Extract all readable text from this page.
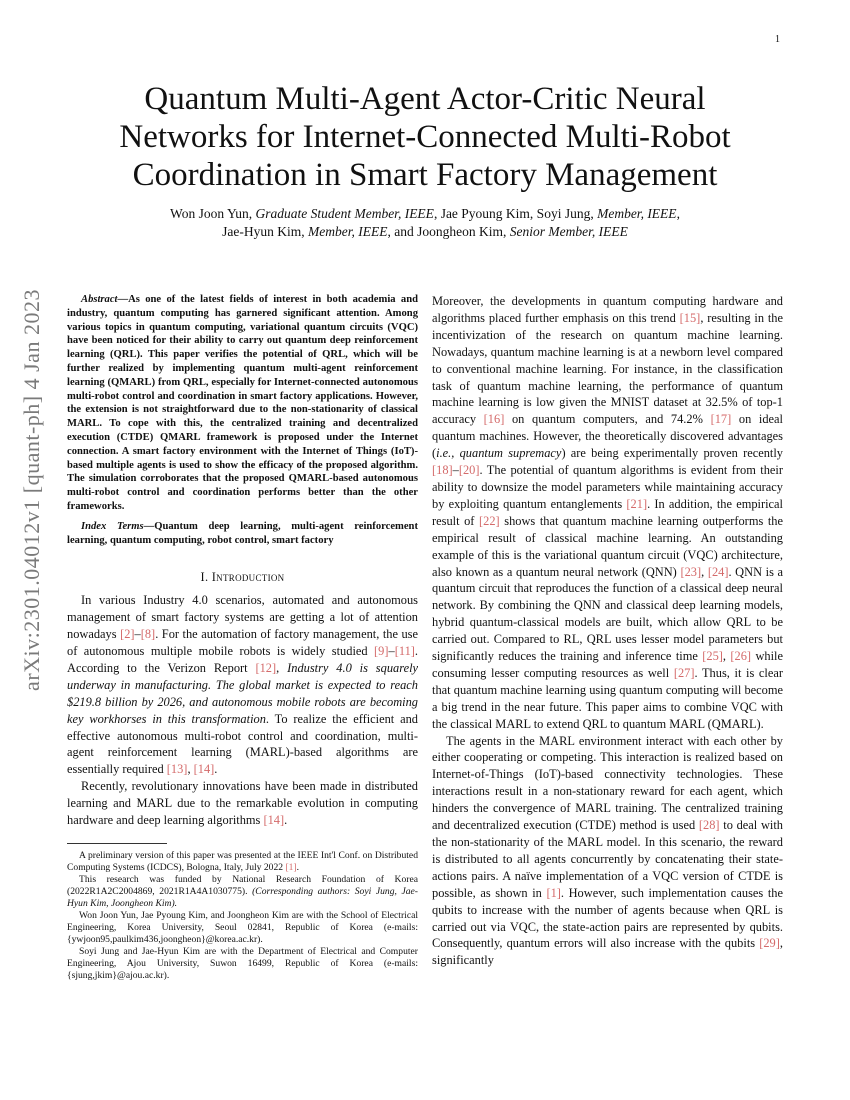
1
arXiv:2301.04012v1 [quant-ph] 4 Jan 2023
Quantum Multi-Agent Actor-Critic Neural
Networks for Internet-Connected Multi-Robot
Coordination in Smart Factory Management
Won Joon Yun, Graduate Student Member, IEEE, Jae Pyoung Kim, Soyi Jung, Member, IEEE,
Jae-Hyun Kim, Member, IEEE, and Joongheon Kim, Senior Member, IEEE

Abstract—As one of the latest fields of interest in both academia and industry, quantum computing has garnered significant attention. Among various topics in quantum computing, variational quantum circuits (VQC) have been noticed for their ability to carry out quantum deep reinforcement learning (QRL). This paper verifies the potential of QRL, which will be further realized by implementing quantum multi-agent reinforcement learning (QMARL) from QRL, especially for Internet-connected autonomous multi-robot control and coordination in smart factory applications. However, the extension is not straightforward due to the non-stationarity of classical MARL. To cope with this, the centralized training and decentralized execution (CTDE) QMARL framework is proposed under the Internet connection. A smart factory environment with the Internet of Things (IoT)-based multiple agents is used to show the efficacy of the proposed algorithm. The simulation corroborates that the proposed QMARL-based autonomous multi-robot control and coordination performs better than the other frameworks.

Index Terms—Quantum deep learning, multi-agent reinforcement learning, quantum computing, robot control, smart factory

I. Introduction

In various Industry 4.0 scenarios, automated and autonomous management of smart factory systems are getting a lot of attention nowadays [2]–[8]. For the automation of factory management, the use of autonomous multiple mobile robots is widely studied [9]–[11]. According to the Verizon Report [12], Industry 4.0 is squarely underway in manufacturing. The global market is expected to reach $219.8 billion by 2026, and autonomous mobile robots are becoming key workhorses in this transformation. To realize the efficient and effective autonomous multi-robot control and coordination, multi-agent reinforcement learning (MARL)-based algorithms are essentially required [13], [14].

Recently, revolutionary innovations have been made in distributed learning and MARL due to the remarkable evolution in computing hardware and deep learning algorithms [14].

A preliminary version of this paper was presented at the IEEE Int'l Conf. on Distributed Computing Systems (ICDCS), Bologna, Italy, July 2022 [1].

This research was funded by National Research Foundation of Korea (2022R1A2C2004869, 2021R1A4A1030775). (Corresponding authors: Soyi Jung, Jae-Hyun Kim, Joongheon Kim).

Won Joon Yun, Jae Pyoung Kim, and Joongheon Kim are with the School of Electrical Engineering, Korea University, Seoul 02841, Republic of Korea (e-mails: {ywjoon95,paulkim436,joongheon}@korea.ac.kr).

Soyi Jung and Jae-Hyun Kim are with the Department of Electrical and Computer Engineering, Ajou University, Suwon 16499, Republic of Korea (e-mails: {sjung,jkim}@ajou.ac.kr).

Moreover, the developments in quantum computing hardware and algorithms placed further emphasis on this trend [15], resulting in the incentivization of the research on quantum machine learning. Nowadays, quantum machine learning is at a newborn level compared to conventional machine learning. For instance, in the classification task of quantum machine learning, the performance of quantum machine learning is low given the MNIST dataset at 32.5% of top-1 accuracy [16] on quantum computers, and 74.2% [17] on ideal quantum machines. However, the theoretically discovered advantages (i.e., quantum supremacy) are being experimentally proven recently [18]–[20]. The potential of quantum algorithms is evident from their ability to downsize the model parameters while maintaining accuracy by exploiting quantum entanglements [21]. In addition, the empirical result of [22] shows that quantum machine learning outperforms the empirical result of classical machine learning. An outstanding example of this is the variational quantum circuit (VQC) architecture, also known as a quantum neural network (QNN) [23], [24]. QNN is a quantum circuit that reproduces the function of a classical deep neural network. By combining the QNN and classical deep learning models, hybrid quantum-classical models are built, which allow QRL to be carried out. Compared to RL, QRL uses lesser model parameters but significantly reduces the training and inference time [25], [26] while consuming lesser computing resources as well [27]. Thus, it is clear that quantum machine learning using quantum computing will become a big trend in the near future. This paper aims to combine VQC with the classical MARL to extend QRL to quantum MARL (QMARL).

The agents in the MARL environment interact with each other by either cooperating or competing. This interaction is realized based on Internet-of-Things (IoT)-based connectivity technologies. These interactions result in a non-stationary reward for each agent, which hinders the convergence of MARL training. The centralized training and decentralized execution (CTDE) method is used [28] to deal with the non-stationarity of the MARL model. In this scenario, the reward is distributed to all agents concurrently by concatenating their state-actions pairs. A naïve implementation of a VQC version of CTDE is possible, as shown in [1]. However, such implementation causes the qubits to increase with the number of agents because when QRL is carried out via VQC, the state-action pairs are represented by qubits. Consequently, quantum errors will also increase with the qubits [29], significantly
